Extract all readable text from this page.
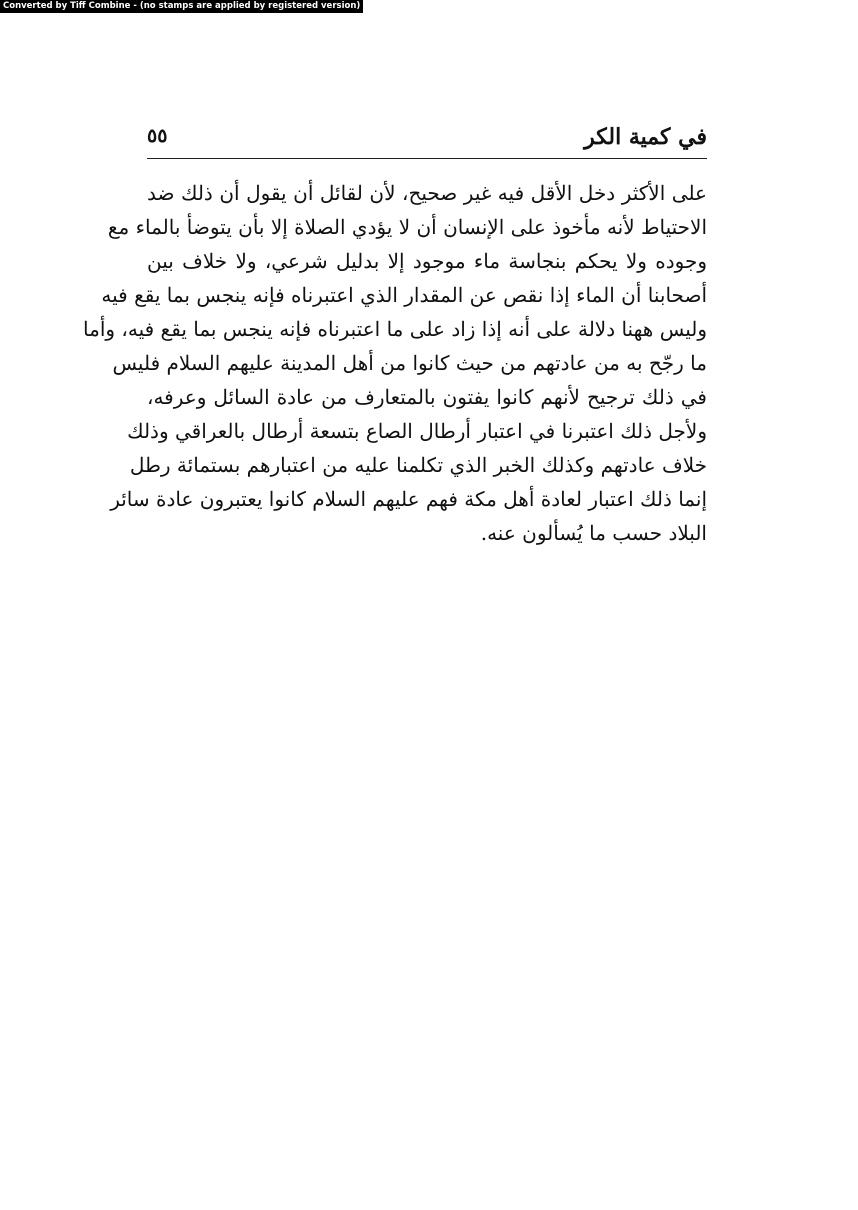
Converted by Tiff Combine - (no stamps are applied by registered version)
٥٥	في كمية الكر
على الأكثر دخل الأقل فيه غير صحيح، لأن لقائل أن يقول أن ذلك ضد
الاحتياط لأنه مأخوذ على الإنسان أن لا يؤدي الصلاة إلا بأن يتوضأ بالماء مع
وجوده ولا يحكم بنجاسة ماء موجود إلا بدليل شرعي، ولا خلاف بين
أصحابنا أن الماء إذا نقص عن المقدار الذي اعتبرناه فإنه ينجس بما يقع فيه
وليس ههنا دلالة على أنه إذا زاد على ما اعتبرناه فإنه ينجس بما يقع فيه، وأما
ما رجّح به من عادتهم من حيث كانوا من أهل المدينة عليهم السلام فليس
في ذلك ترجيح لأنهم كانوا يفتون بالمتعارف من عادة السائل وعرفه،
ولأجل ذلك اعتبرنا في اعتبار أرطال الصاع بتسعة أرطال بالعراقي وذلك
خلاف عادتهم وكذلك الخبر الذي تكلمنا عليه من اعتبارهم بستمائة رطل
إنما ذلك اعتبار لعادة أهل مكة فهم عليهم السلام كانوا يعتبرون عادة سائر
البلاد حسب ما يُسألون عنه.
